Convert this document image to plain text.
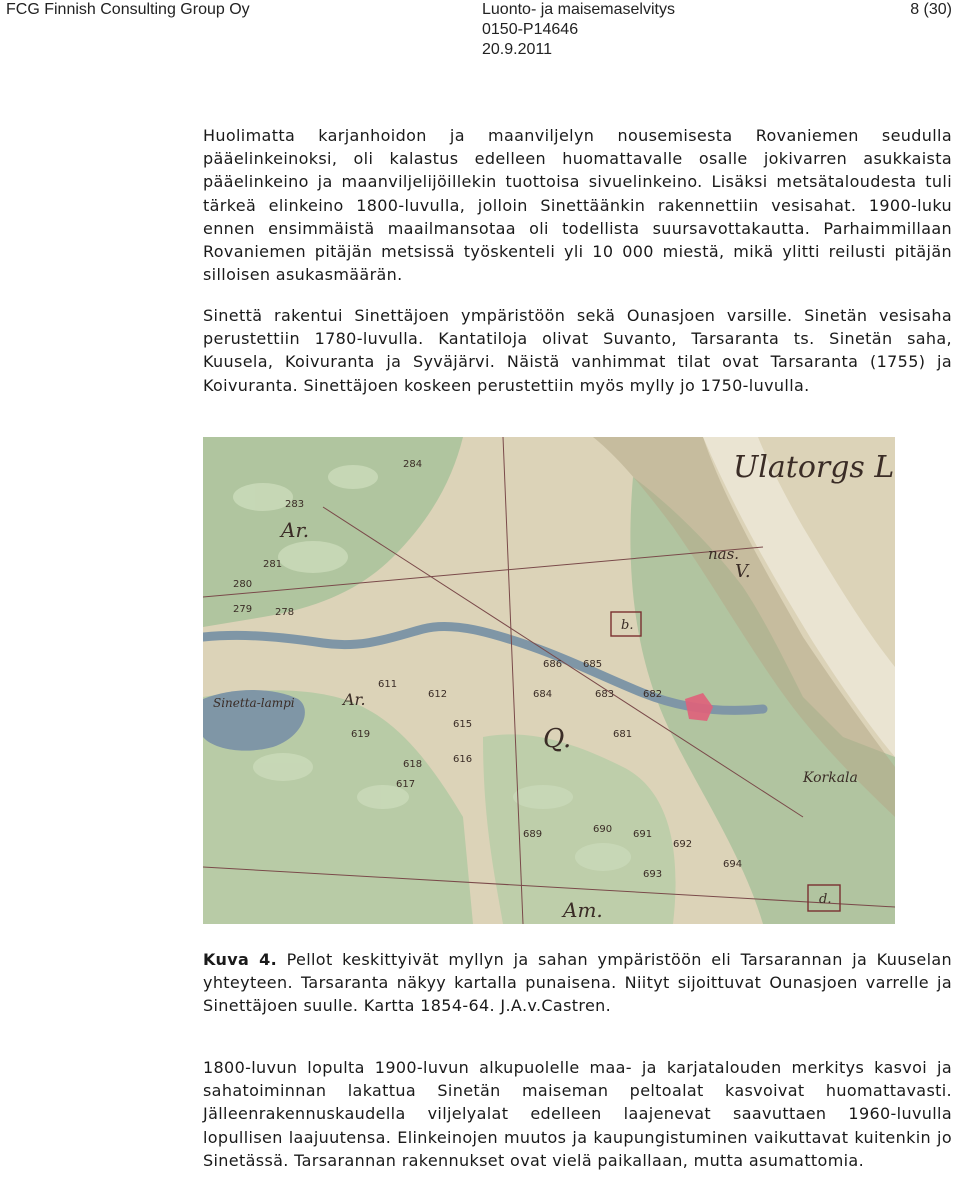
FCG Finnish Consulting Group Oy	Luonto- ja maisemaselvitys
0150-P14646
20.9.2011
8 (30)

Huolimatta karjanhoidon ja maanviljelyn nousemisesta Rovaniemen seudulla pääelinkeinoksi, oli kalastus edelleen huomattavalle osalle jokivarren asukkaista pääelinkeino ja maanviljelijöillekin tuottoisa sivuelinkeino. Lisäksi metsätaloudesta tuli tärkeä elinkeino 1800-luvulla, jolloin Sinettäänkin rakennettiin vesisahat. 1900-luku ennen ensimmäistä maailmansotaa oli todellista suursavottakautta. Parhaimmillaan Rovaniemen pitäjän metsissä työskenteli yli 10 000 miestä, mikä ylitti reilusti pitäjän silloisen asukasmäärän.

Sinettä rakentui Sinettäjoen ympäristöön sekä Ounasjoen varsille. Sinetän vesisaha perustettiin 1780-luvulla. Kantatiloja olivat Suvanto, Tarsaranta ts. Sinetän saha, Kuusela, Koivuranta ja Syväjärvi. Näistä vanhimmat tilat ovat Tarsaranta (1755) ja Koivuranta. Sinettäjoen koskeen perustettiin myös mylly jo 1750-luvulla.

Ulatorgs L
Ar.
Ar.
Q.
V.
Am.
Sinetta-lampi
Korkala
b.
d.
nas.
283
281
280
279 278
284
611
612
619
618
617
616
615
686 685
684	683	682
681
689	690 691
692
693
694

Kuva 4. Pellot keskittyivät myllyn ja sahan ympäristöön eli Tarsarannan ja Kuuselan yhteyteen. Tarsaranta näkyy kartalla punaisena. Niityt sijoittuvat Ounasjoen varrelle ja Sinettäjoen suulle. Kartta 1854-64. J.A.v.Castren.

1800-luvun lopulta 1900-luvun alkupuolelle maa- ja karjatalouden merkitys kasvoi ja sahatoiminnan lakattua Sinetän maiseman peltoalat kasvoivat huomattavasti. Jälleenrakennuskaudella viljelyalat edelleen laajenevat saavuttaen 1960-luvulla lopullisen laajuutensa. Elinkeinojen muutos ja kaupungistuminen vaikuttavat kuitenkin jo Sinetässä. Tarsarannan rakennukset ovat vielä paikallaan, mutta asumattomia.
